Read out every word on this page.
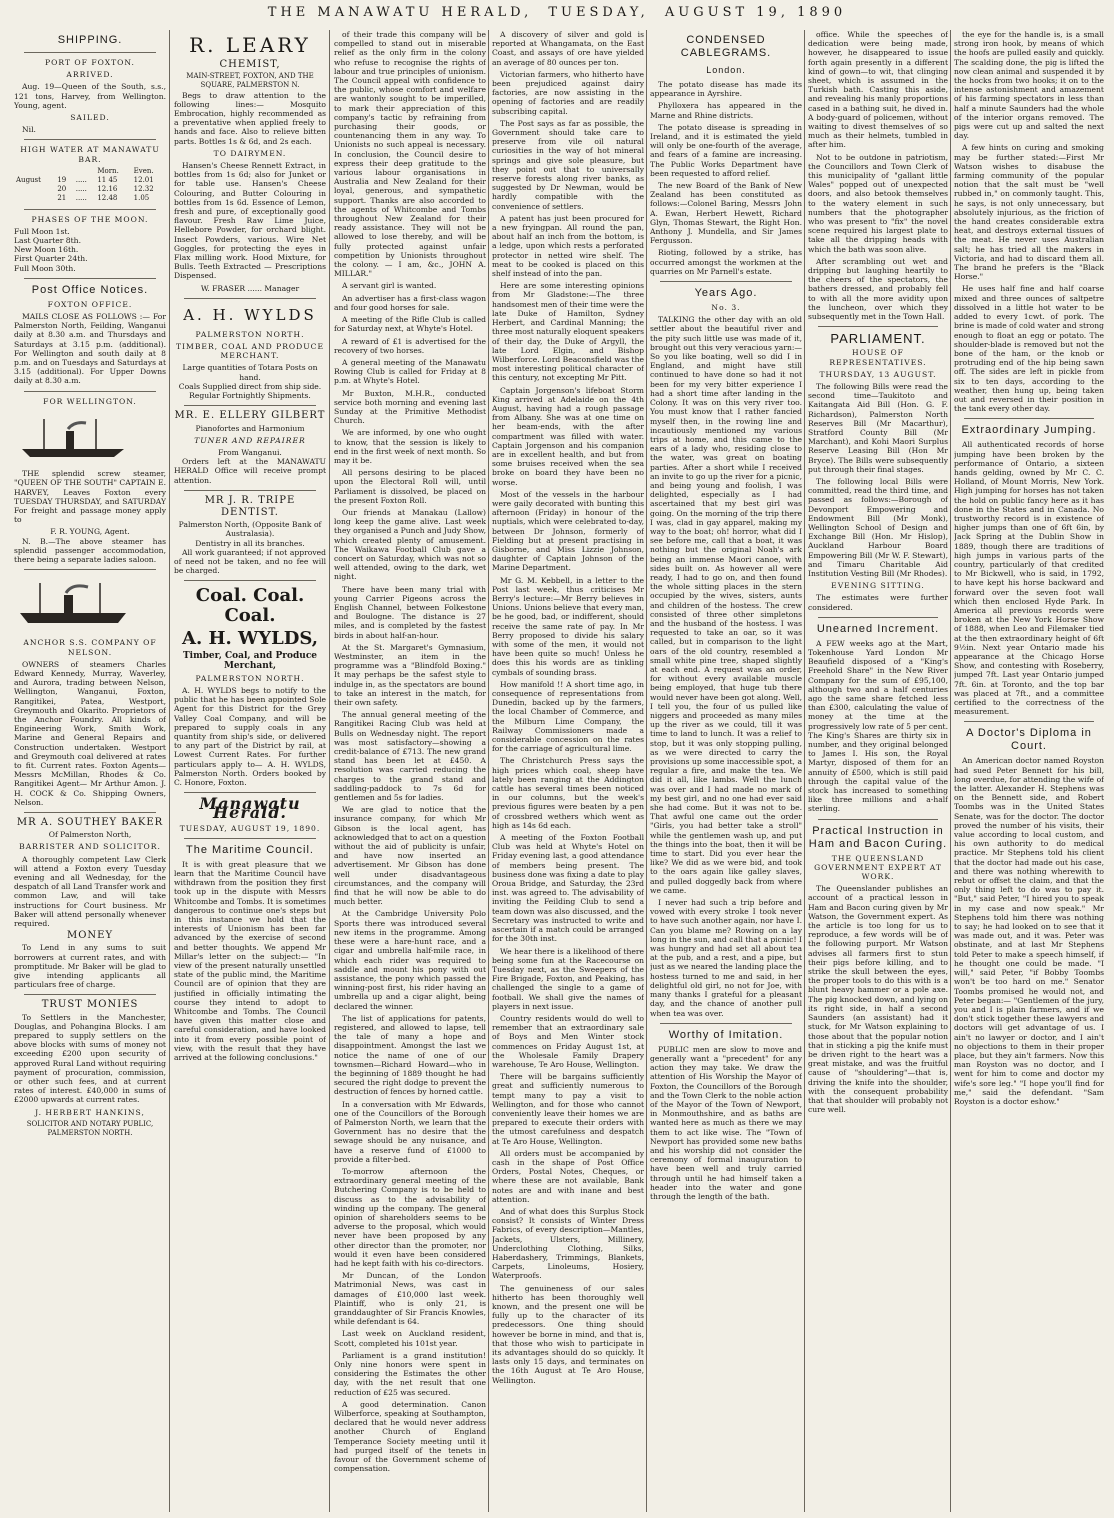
THE MANAWATU HERALD, TUESDAY, AUGUST 19, 1890
SHIPPING.
PORT OF FOXTON.
ARRIVED.

Aug. 19—Queen of the South, s.s., 121 tons, Harvey, from Wellington. Young, agent.

SAILED.

Nil.

HIGH WATER AT MANAWATU BAR.
			Morn.	Even.
August	19	.....	11 45	12.01
	20	.....	12.16	12.32
	21	.....	12.48	1.05
PHASES OF THE MOON.
Full Moon 1st.
Last Quarter 8th.
New Moon 16th.
First Quarter 24th.
Full Moon 30th.
Post Office Notices.
FOXTON OFFICE.

MAILS CLOSE AS FOLLOWS :— For Palmerston North, Feilding, Wanganui daily at 8.30 a.m. and Thursdays and Saturdays at 3.15 p.m. (additional). For Wellington and south daily at 8 p.m. and on Tuesdays and Saturdays at 3.15 (additional). For Upper Downs daily at 8.30 a.m.

FOR WELLINGTON.

THE splendid screw steamer, "QUEEN OF THE SOUTH" CAPTAIN E. HARVEY, Leaves Foxton every TUESDAY THURSDAY, and SATURDAY For freight and passage money apply to

F. R. YOUNG, Agent.

N. B.—The above steamer has splendid passenger accommodation, there being a separate ladies saloon.

ANCHOR S.S. COMPANY OF NELSON.

OWNERS of steamers Charles Edward Kennedy, Murray, Waverley, and Aurora, trading between Nelson, Wellington, Wanganui, Foxton, Rangitikei, Patea, Westport, Greymouth and Okarito. Proprietors of the Anchor Foundry. All kinds of Engineering Work, Smith Work, Marine and General Repairs and Construction undertaken. Westport and Greymouth coal delivered at rates to fit. Current rates. Foxton Agents— Messrs McMillan, Rhodes & Co. Rangitikei Agent— Mr Arthur Amon. J. H. COCK & Co. Shipping Owners, Nelson.

MR A. SOUTHEY BAKER
Of Palmerston North,
BARRISTER AND SOLICITOR.

A thoroughly competent Law Clerk will attend a Foxton every Tuesday evening and all Wednesday, for the despatch of all Land Transfer work and common Law, and will take instructions for Court business. Mr Baker will attend personally whenever required.

MONEY

To Lend in any sums to suit borrowers at current rates, and with promptitude. Mr Baker will be glad to give intending applicants all particulars free of charge.

TRUST MONIES

To Settlers in the Manchester, Douglas, and Pohangina Blocks. I am prepared to supply settlers on the above blocks with sums of money not exceeding £200 upon security of approved Rural Land without requiring payment of procuration, commission, or other such fees, and at current rates of interest. £40,000 in sums of £2000 upwards at current rates.

J. HERBERT HANKINS,
SOLICITOR AND NOTARY PUBLIC, PALMERSTON NORTH.
R. LEARY
CHEMIST,
MAIN-STREET, FOXTON, AND THE SQUARE, PALMERSTON N.

Begs to draw attention to the following lines:— Mosquito Embrocation, highly recommended as a preventative when applied freely to hands and face. Also to relieve bitten parts. Bottles 1s & 6d, and 2s each.

TO DAIRYMEN.

Hansen's Cheese Rennett Extract, in bottles from 1s 6d; also for Junket or for table use. Hansen's Cheese Colouring, and Butter Colouring in bottles from 1s 6d. Essence of Lemon, fresh and pure, of exceptionally good flavour. Fresh Raw Lime Juice, Hellebore Powder, for orchard blight. Insect Powders, various. Wire Net Goggles, for protecting the eyes in Flax milling work. Hood Mixture, for Bulls. Teeth Extracted — Prescriptions Dispensed.

W. FRASER ...... Manager
A. H. WYLDS
PALMERSTON NORTH.
TIMBER, COAL AND PRODUCE MERCHANT.
Large quantities of Totara Posts on hand.
Coals Supplied direct from ship side.
Regular Fortnightly Shipments.
MR. E. ELLERY GILBERT
Pianofortes and Harmonium
TUNER AND REPAIRER
From Wanganui.

Orders left at the MANAWATU HERALD Office will receive prompt attention.

MR J. R. TRIPE
DENTIST.
Palmerston North, (Opposite Bank of Australasia).
Dentistry in all its branches.

All work guaranteed; if not approved of need not be taken, and no fee will be charged.

Coal. Coal. Coal.
A. H. WYLDS,
Timber, Coal, and Produce Merchant,
PALMERSTON NORTH.

A. H. WYLDS begs to notify to the public that he has been appointed Sole Agent for this District for the Grey Valley Coal Company, and will be prepared to supply coals in any quantity from ship's side, or delivered to any part of the District by rail, at Lowest Current Rates. For further particulars apply to— A. H. WYLDS, Palmerston North. Orders booked by C. Honore, Foxton.

Manawatu Herald.
TUESDAY, AUGUST 19, 1890.
The Maritime Council.

It is with great pleasure that we learn that the Maritime Council have withdrawn from the position they first took up in the dispute with Messrs Whitcombe and Tombs. It is sometimes dangerous to continue one's steps but in this instance we hold that the interests of Unionism has been far advanced by the exercise of second and better thoughts. We append Mr Millar's letter on the subject:— "In view of the present naturally unsettled state of the public mind, the Maritime Council are of opinion that they are justified in officially intimating the course they intend to adopt to Whitcombe and Tombs. The Council have given this matter close and careful consideration, and have looked into it from every possible point of view, with the result that they have arrived at the following conclusions."

of their trade this company will be compelled to stand out in miserable relief as the only firm in the colony who refuse to recognise the rights of labour and true principles of unionism. The Council appeal with confidence to the public, whose comfort and welfare are wantonly sought to be imperilled, to mark their appreciation of this company's tactic by refraining from purchasing their goods, or countenancing them in any way. To Unionists no such appeal is necessary. In conclusion, the Council desire to express their deep gratitude to the various labour organisations in Australia and New Zealand for their loyal, generous, and sympathetic support. Thanks are also accorded to the agents of Whitcombe and Tombs throughout New Zealand for their ready assistance. They will not be allowed to lose thereby, and will be fully protected against unfair competition by Unionists throughout the colony. — I am, &c., JOHN A. MILLAR."

A servant girl is wanted.

An advertiser has a first-class wagon and four good horses for sale.

A meeting of the Rifle Club is called for Saturday next, at Whyte's Hotel.

A reward of £1 is advertised for the recovery of two horses.

A general meeting of the Manawatu Rowing Club is called for Friday at 8 p.m. at Whyte's Hotel.

Mr Buxton, M.H.R., conducted service both morning and evening last Sunday at the Primitive Methodist Church.

We are informed, by one who ought to know, that the session is likely to end in the first week of next month. So may it be.

All persons desiring to be placed upon the Electoral Roll will, until Parliament is dissolved, be placed on the present Foxton Roll.

Our friends at Manakau (Lallow) long keep the game alive. Last week they organised a Punch and Judy Show, which created plenty of amusement. The Waikawa Football Club gave a concert on Saturday, which was not so well attended, owing to the dark, wet night.

There have been many trial with young Carrier Pigeons across the English Channel, between Folkestone and Boulogne. The distance is 27 miles, and is completed by the fastest birds in about half-an-hour.

At the St. Margaret's Gymnasium, Westminster, an item in the programme was a "Blindfold Boxing." It may perhaps be the safest style to indulge in, as the spectators are bound to take an interest in the match, for their own safety.

The annual general meeting of the Rangitikei Racing Club was held at Bulls on Wednesday night. The report was most satisfactory—showing a credit-balance of £713. The new grand stand has been let at £450. A resolution was carried reducing the charges to the grand stand and saddling-paddock to 7s 6d for gentlemen and 5s for ladies.

We are glad to notice that the insurance company, for which Mr Gibson is the local agent, has acknowledged that to act on a question without the aid of publicity is unfair, and have now inserted an advertisement. Mr Gibson has done well under disadvantageous circumstances, and the company will find that he will now be able to do much better.

At the Cambridge University Polo Sports there was introduced several new items in the programme. Among these were a hare-hunt race, and a cigar and umbrella half-mile race, in which each rider was required to saddle and mount his pony with out assistance, the pony which passed the winning-post first, his rider having an umbrella up and a cigar alight, being declared the winner.

The list of applications for patents, registered, and allowed to lapse, tell the tale of many a hope and disappointment. Amongst the last we notice the name of one of our townsmen—Richard Howard—who in the beginning of 1889 thought he had secured the right dodge to prevent the destruction of fences by horned cattle.

In a conversation with Mr Edwards, one of the Councillors of the Borough of Palmerston North, we learn that the Government has no desire that the sewage should be any nuisance, and have a reserve fund of £1000 to provide a filter-bed.

To-morrow afternoon the extraordinary general meeting of the Butchering Company is to be held to discuss as to the advisability of winding up the company. The general opinion of shareholders seems to be adverse to the proposal, which would never have been proposed by any other director than the promoter, nor would it even have been considered had he kept faith with his co-directors.

Mr Duncan, of the London Matrimonial News, was cast in damages of £10,000 last week. Plaintiff, who is only 21, is granddaughter of Sir Francis Knowles, while defendant is 64.

Last week on Auckland resident, Scott, completed his 101st year.

Parliament is a grand institution! Only nine honors were spent in considering the Estimates the other day, with the net result that one reduction of £25 was secured.

A good determination. Canon Wilberforce, speaking at Southampton, declared that he would never address another Church of England Temperance Society meeting until it had purged itself of the tenets in favour of the Government scheme of compensation.

A discovery of silver and gold is reported at Whangamata, on the East Coast, and assays of ore have yielded an average of 80 ounces per ton.

Victorian farmers, who hitherto have been prejudiced against dairy factories, are now assisting in the opening of factories and are readily subscribing capital.

The Post says as far as possible, the Government should take care to preserve from vile oil natural curiosities in the way of hot mineral springs and give sole pleasure, but they point out that to universally reserve forests along river banks, as suggested by Dr Newman, would be hardly compatible with the convenience of settlers.

A patent has just been procured for a new fryingpan. All round the pan, about half an inch from the bottom, is a ledge, upon which rests a perforated protector in netted wire shelf. The meat to be cooked is placed on this shelf instead of into the pan.

Here are some interesting opinions from Mr Gladstone:—The three handsomest men of their time were the late Duke of Hamilton, Sydney Herbert, and Cardinal Manning; the three most naturally eloquent speakers of their day, the Duke of Argyll, the late Lord Elgin, and Bishop Wilberforce. Lord Beaconsfield was the most interesting political character of this century, not excepting Mr Pitt.

Captain Jorgenson's lifeboat Storm King arrived at Adelaide on the 4th August, having had a rough passage from Albany. She was at one time on her beam-ends, with the after compartment was filled with water. Captain Jorgenson and his companion are in excellent health, and but from some bruises received when the sea broke on board they have been no worse.

Most of the vessels in the harbour were gaily decorated with bunting this afternoon (Friday) in honour of the nuptials, which were celebrated to-day, between Dr Johnson, formerly of Fielding but at present practising in Gisborne, and Miss Lizzie Johnson, daughter of Captain Johnson of the Marine Department.

Mr G. M. Kebbell, in a letter to the Post last week, thus criticises Mr Berry's lecture:—Mr Berry believes in Unions. Unions believe that every man, be he good, bad, or indifferent, should receive the same rate of pay. In Mr Berry proposed to divide his salary with some of the men, it would not have been quite so much! Unless he does this his words are as tinkling cymbals of sounding brass.

How manifold !! A short time ago, in consequence of representations from Dunedin, backed up by the farmers, the local Chamber of Commerce, and the Milburn Lime Company, the Railway Commissioners made a considerable concession on the rates for the carriage of agricultural lime.

The Christchurch Press says the high prices which coal, sheep have lately been ranging at the Addington cattle has several times been noticed in our columns, but the week's previous figures were beaten by a pen of crossbred wethers which went as high as 14s 6d each.

A meeting of the Foxton Football Club was held at Whyte's Hotel on Friday evening last, a good attendance of members being present. The business done was fixing a date to play Oroua Bridge, and Saturday, the 23rd inst. was agreed to. The advisability of inviting the Feilding Club to send a team down was also discussed, and the Secretary was instructed to write and ascertain if a match could be arranged for the 30th inst.

We hear there is a likelihood of there being some fun at the Racecourse on Tuesday next, as the Sweepers of the Fire Brigade, Foxton, and Peaking, has challenged the single to a game of football. We shall give the names of players in next issue.

Country residents would do well to remember that an extraordinary sale of Boys and Men Winter stock commences on Friday August 1st, at the Wholesale Family Drapery warehouse, Te Aro House, Wellington.

There will be bargains sufficiently great and sufficiently numerous to tempt many to pay a visit to Wellington, and for those who cannot conveniently leave their homes we are prepared to execute their orders with the utmost carefulness and despatch at Te Aro House, Wellington.

All orders must be accompanied by cash in the shape of Post Office Orders, Postal Notes, Cheques, or where these are not available, Bank notes are and with inane and best attention.

And of what does this Surplus Stock consist? It consists of Winter Dress Fabrics, of every description—Mantles, Jackets, Ulsters, Millinery, Underclothing Clothing, Silks, Haberdashery, Trimmings, Blankets, Carpets, Linoleums, Hosiery, Waterproofs.

The genuineness of our sales hitherto has been thoroughly well known, and the present one will be fully up to the character of its predecessors. One thing should however be borne in mind, and that is, that those who wish to participate in its advantages should do so quickly. It lasts only 15 days, and terminates on the 16th August at Te Aro House, Wellington.

CONDENSED CABLEGRAMS.
London.

The potato disease has made its appearance in Ayrshire.

Phylloxera has appeared in the Marne and Rhine districts.

The potato disease is spreading in Ireland, and it is estimated the yield will only be one-fourth of the average, and fears of a famine are increasing. The Public Works Department have been requested to afford relief.

The new Board of the Bank of New Zealand has been constituted as follows:—Colonel Baring, Messrs John A. Ewan, Herbert Hewett, Richard Glyn, Thomas Stewart, the Right Hon. Anthony J. Mundella, and Sir James Fergusson.

Rioting, followed by a strike, has occurred amongst the workmen at the quarries on Mr Parnell's estate.

Years Ago.
No. 3.

TALKING the other day with an old settler about the beautiful river and the pity such little use was made of it, brought out this very veracious yarn:— So you like boating, well so did I in England, and might have still continued to have done so had it not been for my very bitter experience I had a short time after landing in the Colony. It was on this very river too. You must know that I rather fancied myself then, in the rowing line and incautiously mentioned my various trips at home, and this came to the ears of a lady who, residing close to the water, was great on boating parties. After a short while I received an invite to go up the river for a picnic, and being young and foolish, I was delighted, especially as I had ascertained that my best girl was going. On the morning of the trip there I was, clad in gay apparel, making my way to the boat; oh! horror, what did I see before me, call that a boat, it was nothing but the original Noah's ark being an immense Maori canoe, with sides built on. As however all were ready, I had to go on, and then found the whole sitting places in the stern occupied by the wives, sisters, aunts and children of the hostess. The crew consisted of three other simpletons and the husband of the hostess. I was requested to take an oar, so it was called, but in comparison to the light oars of the old country, resembled a small white pine tree, shaped slightly at each end. A request was an order, for without every available muscle being employed, that huge tub there would never have been got along. Well, I tell you, the four of us pulled like niggers and proceeded as many miles up the river as we could, till it was time to land to lunch. It was a relief to stop, but it was only stopping pulling, as we were directed to carry the provisions up some inaccessible spot, a regular a fire, and make the tea. We did it all, like lambs. Well the lunch was over and I had made no mark of my best girl, and no one had ever said she had come. But it was not to be. That awful one came out the order "Girls, you had better take a stroll" while the gentlemen wash up, and put the things into the boat, then it will be time to start. Did you ever hear the like? We did as we were bid, and took to the oars again like galley slaves, and pulled doggedly back from where we came.

I never had such a trip before and vowed with every stroke I took never to have such another again, nor have I. Can you blame me? Rowing on a lay long in the sun, and call that a picnic! I was hungry and had set all about tea at the pub, and a rest, and a pipe, but just as we neared the landing place the hostess turned to me and said, in her delightful old girl, no not for Joe, with many thanks I grateful for a pleasant day, and the chance of another pull when tea was over.

Worthy of Imitation.

PUBLIC men are slow to move and generally want a "precedent" for any action they may take. We draw the attention of His Worship the Mayor of Foxton, the Councillors of the Borough and the Town Clerk to the noble action of the Mayor of the Town of Newport, in Monmouthshire, and as baths are wanted here as much as there we may them to act like wise. The "Town of Newport has provided some new baths and his worship did not consider the ceremony of formal inauguration to have been well and truly carried through until he had himself taken a header into the water and gone through the length of the bath.

office. While the speeches of dedication were being made, however, he disappeared to issue forth again presently in a different kind of gown—to wit, that clinging sheet, which is assumed in the Turkish bath. Casting this aside, and revealing his manly proportions cased in a bathing suit, he dived in. A body-guard of policemen, without waiting to divest themselves of so much as their helmets, tumbled in after him.

Not to be outdone in patriotism, the Councillors and Town Clerk of this municipality of "gallant little Wales" popped out of unexpected doors, and also betook themselves to the watery element in such numbers that the photographer who was present to "fix" the novel scene required his largest plate to take all the dripping heads with which the bath was soon alive.

After scrambling out wet and dripping but laughing heartily to the cheers of the spectators, the bathers dressed, and probably fell to with all the more avidity upon the luncheon, over which they subsequently met in the Town Hall.

PARLIAMENT.
HOUSE OF REPRESENTATIVES.
THURSDAY, 13 AUGUST.

The following Bills were read the second time—Taukitoto and Kaitangata Aid Bill (Hon. G. F. Richardson), Palmerston North Reserves Bill (Mr Macarthur), Stratford County Bill (Mr Marchant), and Kohi Maori Surplus Reserve Leasing Bill (Hon Mr Bryce). The Bills were subsequently put through their final stages.

The following local Bills were committed, read the third time, and passed as follows:—Borough of Devonport Empowering and Endowment Bill (Mr Monk), Wellington School of Design and Exchange Bill (Hon. Mr Hislop), Auckland Harbour Board Empowering Bill (Mr W. F. Stewart), and Timaru Charitable Aid Institution Vesting Bill (Mr Rhodes).

EVENING SITTING.

The estimates were further considered.

Unearned Increment.

A FEW weeks ago at the Mart, Tokenhouse Yard London Mr Beaufield disposed of a "King's Freehold Share" in the New River Company for the sum of £95,100, although two and a half centuries ago the same share fetched less than £300, calculating the value of money at the time at the progressively low rate of 5 per cent. The King's Shares are thirty six in number, and they original belonged to James I. His son, the Royal Martyr, disposed of them for an annuity of £500, which is still paid through the capital value of the stock has increased to something like three millions and a-half sterling.

Practical Instruction in Ham and Bacon Curing.
THE QUEENSLAND GOVERNMENT EXPERT AT WORK.

The Queenslander publishes an account of a practical lesson in Ham and Bacon curing given by Mr Watson, the Government expert. As the article is too long for us to reproduce, a few words will be of the following purport. Mr Watson advises all farmers first to stun their pigs before killing, and to strike the skull between the eyes, the proper tools to do this with is a blunt heavy hammer or a pole axe. The pig knocked down, and lying on its right side, in half a second Saunders (an assistant) had it stuck, for Mr Watson explaining to those about that the popular notion that in sticking a pig the knife must be driven right to the heart was a great mistake, and was the fruitful cause of "shouldering"—that is, driving the knife into the shoulder, with the consequent probability that that shoulder will probably not cure well.

the eye for the handle is, is a small strong iron hook, by means of which the hoofs are pulled easily and quickly. The scalding done, the pig is lifted the now clean animal and suspended it by the hocks from two hooks; it on to the intense astonishment and amazement of his farming spectators in less than half a minute Saunders had the whole of the interior organs removed. The pigs were cut up and salted the next day.

A few hints on curing and smoking may be further stated:—First Mr Watson wishes to disabuse the farming community of the popular notion that the salt must be "well rubbed in," on commonly taught. This, he says, is not only unnecessary, but absolutely injurious, as the friction of the hand creates considerable extra heat, and destroys external tissues of the meat. He never uses Australian salt; he has tried all the makers in Victoria, and had to discard them all. The brand he prefers is the "Black Horse."

He uses half fine and half coarse mixed and three ounces of saltpetre dissolved in a little hot water to be added to every 1cwt. of pork. The brine is made of cold water and strong enough to float an egg or potato. The shoulder-blade is removed but not the bone of the ham, or the knob or protruding end of the hip being sawn off. The sides are left in pickle from six to ten days, according to the weather, then hung up, being taken out and reversed in their position in the tank every other day.

Extraordinary Jumping.

All authenticated records of horse jumping have been broken by the performance of Ontario, a sixteen hands gelding, owned by Mr C. C. Holland, of Mount Morris, New York. High jumping for horses has not taken the hold on public fancy here as it has done in the States and in Canada. No trustworthy record is in existence of higher jumps than one of 6ft 6in, by Jack Spring at the Dublin Show in 1889, though there are traditions of high jumps in various parts of the country, particularly of that credited to Mr Bickwell, who is said, in 1792, to have kept his horse backward and forward over the seven foot wall which then enclosed Hyde Park. In America all previous records were broken at the New York Horse Show of 1888, when Leo and Filemaker tied at the then extraordinary height of 6ft 9½in. Next year Ontario made his appearance at the Chicago Horse Show, and contesting with Roseberry, jumped 7ft. Last year Ontario jumped 7ft. 6in. at Toronto, and the top bar was placed at 7ft., and a committee certified to the correctness of the measurement.

A Doctor's Diploma in Court.

An American doctor named Royston had sued Peter Bennett for his bill, long overdue, for attending the wife of the latter. Alexander H. Stephens was on the Bennett side, and Robert Toombs was in the United States Senate, was for the doctor. The doctor proved the number of his visits, their value according to local custom, and his own authority to do medical practice. Mr Stephens told his client that the doctor had made out his case, and there was nothing wherewith to rebut or offset the claim, and that the only thing left to do was to pay it. "But," said Peter, "I hired you to speak in my case and now speak." Mr Stephens told him there was nothing to say; he had looked on to see that it was made out, and it was. Peter was obstinate, and at last Mr Stephens told Peter to make a speech himself, if he thought one could be made. "I will," said Peter, "if Bobby Toombs won't be too hard on me." Senator Toombs promised he would not, and Peter began:— "Gentlemen of the jury, you and I is plain farmers, and if we don't stick together these lawyers and doctors will get advantage of us. I ain't no lawyer or doctor, and I ain't no objections to them in their proper place, but they ain't farmers. Now this man Royston was no doctor, and I went for him to come and doctor my wife's sore leg." "I hope you'll find for me," said the defendant. "Sam Royston is a doctor eshow."
